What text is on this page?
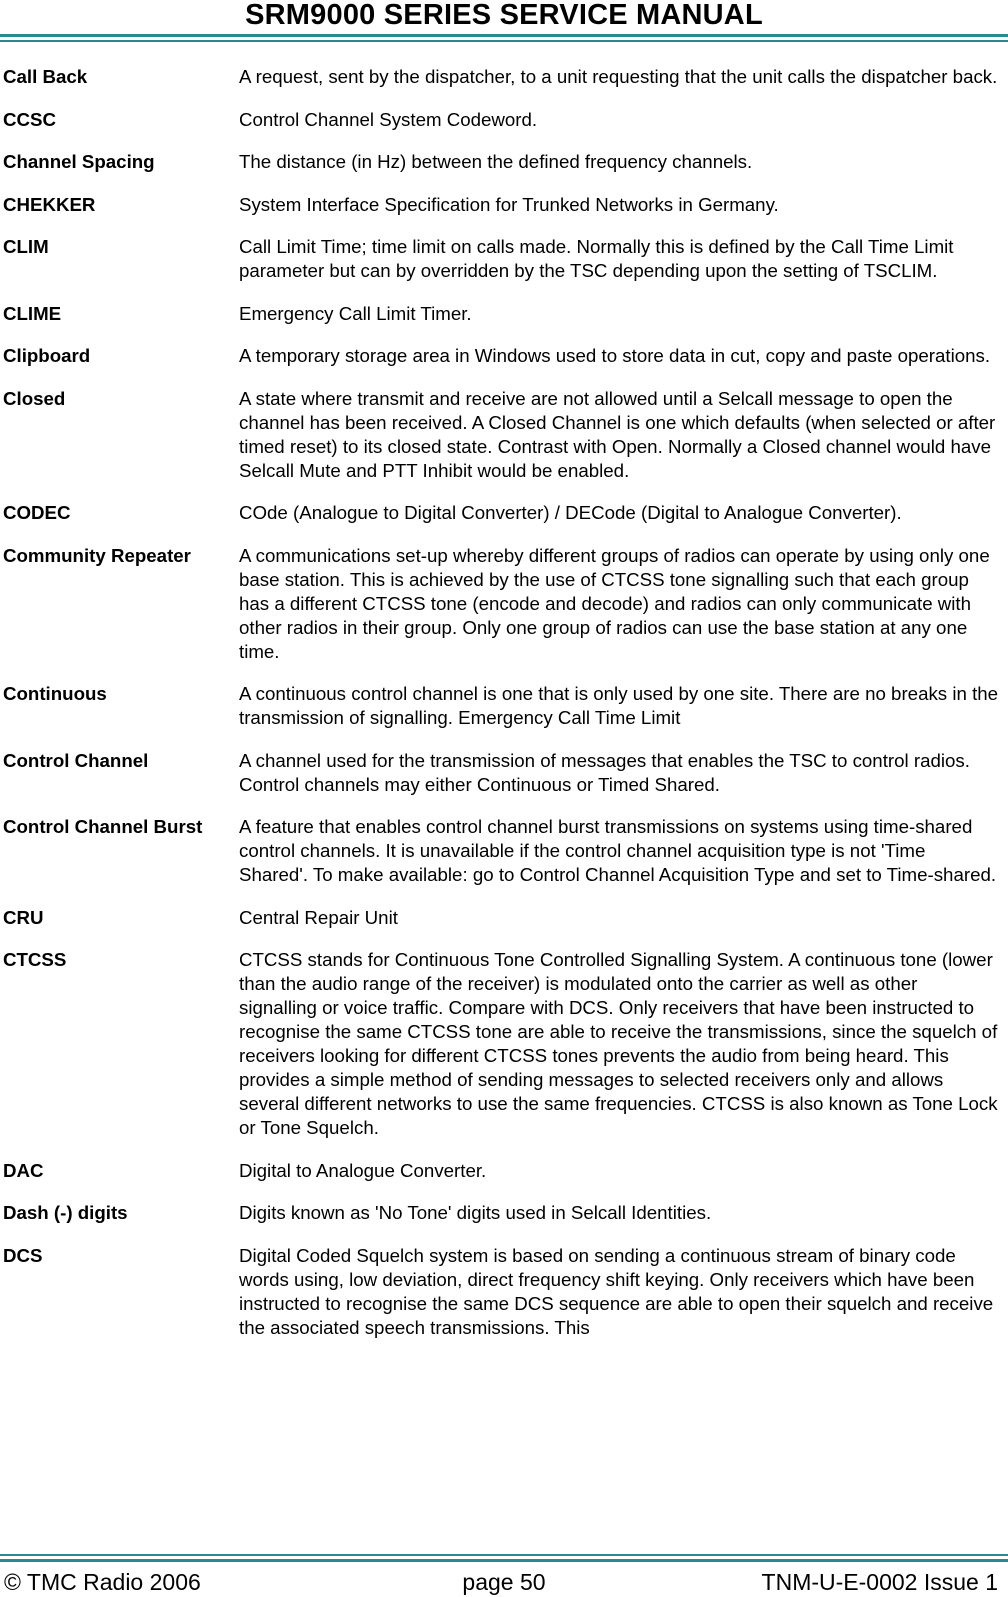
SRM9000 SERIES SERVICE MANUAL
Call Back	A request, sent by the dispatcher, to a unit requesting that the unit calls the dispatcher back.
CCSC	Control Channel System Codeword.
Channel Spacing	The distance (in Hz) between the defined frequency channels.
CHEKKER	System Interface Specification for Trunked Networks in Germany.
CLIM	Call Limit Time; time limit on calls made. Normally this is defined by the Call Time Limit parameter but can by overridden by the TSC depending upon the setting of TSCLIM.
CLIME	Emergency Call Limit Timer.
Clipboard	A temporary storage area in Windows used to store data in cut, copy and paste operations.
Closed	A state where transmit and receive are not allowed until a Selcall message to open the channel has been received. A Closed Channel is one which defaults (when selected or after timed reset) to its closed state. Contrast with Open. Normally a Closed channel would have Selcall Mute and PTT Inhibit would be enabled.
CODEC	COde (Analogue to Digital Converter) / DECode (Digital to Analogue Converter).
Community Repeater	A communications set-up whereby different groups of radios can operate by using only one base station. This is achieved by the use of CTCSS tone signalling such that each group has a different CTCSS tone (encode and decode) and radios can only communicate with other radios in their group. Only one group of radios can use the base station at any one time.
Continuous	A continuous control channel is one that is only used by one site. There are no breaks in the transmission of signalling. Emergency Call Time Limit
Control Channel	A channel used for the transmission of messages that enables the TSC to control radios. Control channels may either Continuous or Timed Shared.
Control Channel Burst	A feature that enables control channel burst transmissions on systems using time-shared control channels. It is unavailable if the control channel acquisition type is not 'Time Shared'. To make available: go to Control Channel Acquisition Type and set to Time-shared.
CRU	Central Repair Unit
CTCSS	CTCSS stands for Continuous Tone Controlled Signalling System. A continuous tone (lower than the audio range of the receiver) is modulated onto the carrier as well as other signalling or voice traffic. Compare with DCS. Only receivers that have been instructed to recognise the same CTCSS tone are able to receive the transmissions, since the squelch of receivers looking for different CTCSS tones prevents the audio from being heard. This provides a simple method of sending messages to selected receivers only and allows several different networks to use the same frequencies. CTCSS is also known as Tone Lock or Tone Squelch.
DAC	Digital to Analogue Converter.
Dash (-) digits	Digits known as 'No Tone' digits used in Selcall Identities.
DCS	Digital Coded Squelch system is based on sending a continuous stream of binary code words using, low deviation, direct frequency shift keying. Only receivers which have been instructed to recognise the same DCS sequence are able to open their squelch and receive the associated speech transmissions. This
© TMC Radio 2006	page 50	TNM-U-E-0002 Issue 1
